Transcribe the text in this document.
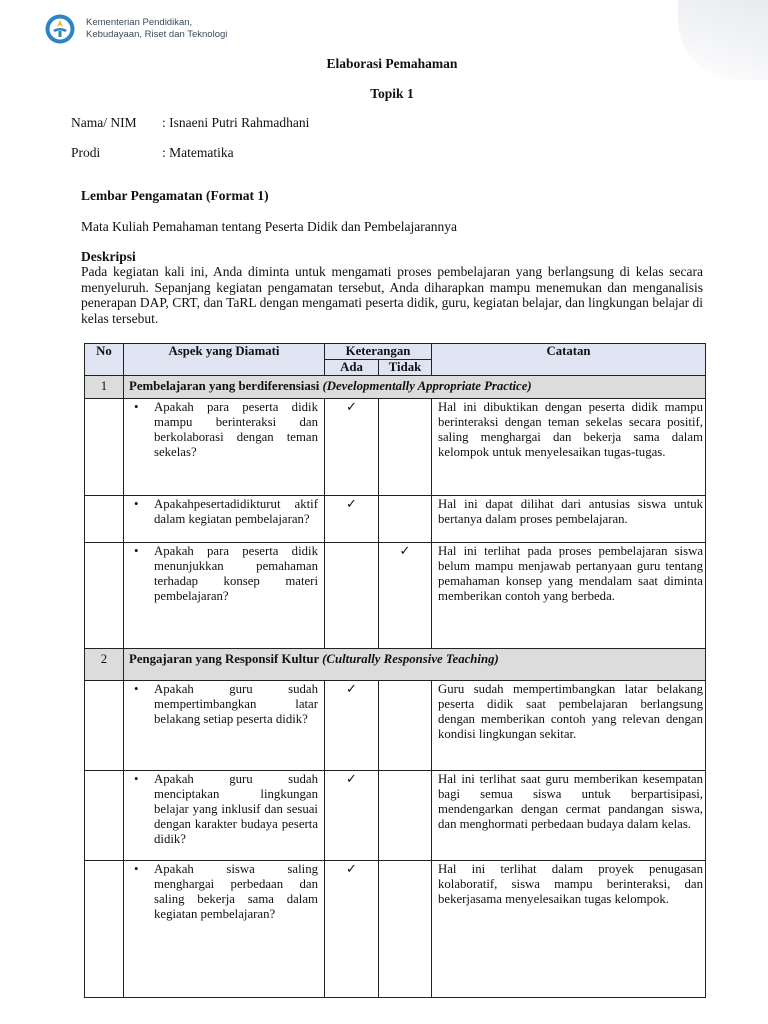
Kementerian Pendidikan,
Kebudayaan, Riset dan Teknologi
Elaborasi Pemahaman
Topik 1
Nama/ NIM : Isnaeni Putri Rahmadhani
Prodi	: Matematika
Lembar Pengamatan (Format 1)
Mata Kuliah Pemahaman tentang Peserta Didik dan Pembelajarannya
Deskripsi
Pada kegiatan kali ini, Anda diminta untuk mengamati proses pembelajaran yang berlangsung di kelas secara menyeluruh. Sepanjang kegiatan pengamatan tersebut, Anda diharapkan mampu menemukan dan menganalisis penerapan DAP, CRT, dan TaRL dengan mengamati peserta didik, guru, kegiatan belajar, dan lingkungan belajar di kelas tersebut.
No	Aspek yang Diamati	Keterangan		Catatan
		Ada	Tidak	
1	Pembelajaran yang berdiferensiasi (Developmentally Appropriate Practice)			

	• Apakah para peserta didik mampu berinteraksi dan berkolaborasi dengan teman sekelas?	✓		Hal ini dibuktikan dengan peserta didik mampu berinteraksi dengan teman sekelas secara positif, saling menghargai dan bekerja sama dalam kelompok untuk menyelesaikan tugas-tugas.

	• Apakahpesertadidikturut aktif dalam kegiatan pembelajaran?	✓		Hal ini dapat dilihat dari antusias siswa untuk bertanya dalam proses pembelajaran.

	• Apakah para peserta didik menunjukkan pemahaman terhadap konsep materi pembelajaran?		✓	Hal ini terlihat pada proses pembelajaran siswa belum mampu menjawab pertanyaan guru tentang pemahaman konsep yang mendalam saat diminta memberikan contoh yang berbeda.
2	Pengajaran yang Responsif Kultur (Culturally Responsive Teaching)			

	• Apakah guru sudah mempertimbangkan latar belakang setiap peserta didik?	✓		Guru sudah mempertimbangkan latar belakang peserta didik saat pembelajaran berlangsung dengan memberikan contoh yang relevan dengan kondisi lingkungan sekitar.

	• Apakah guru sudah menciptakan lingkungan belajar yang inklusif dan sesuai dengan karakter budaya peserta didik?	✓		Hal ini terlihat saat guru memberikan kesempatan bagi semua siswa untuk berpartisipasi, mendengarkan dengan cermat pandangan siswa, dan menghormati perbedaan budaya dalam kelas.

	• Apakah siswa saling menghargai perbedaan dan saling bekerja sama dalam kegiatan pembelajaran?	✓		Hal ini terlihat dalam proyek penugasan kolaboratif, siswa mampu berinteraksi, dan bekerjasama menyelesaikan tugas kelompok.
